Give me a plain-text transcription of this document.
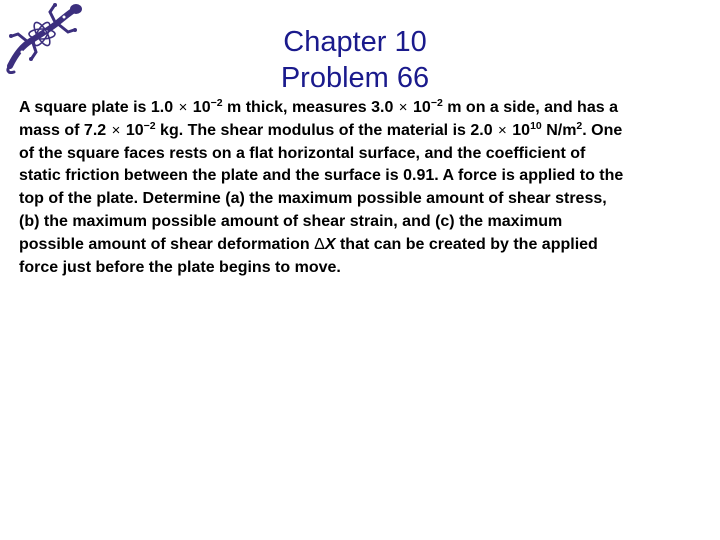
Chapter 10
Problem 66
A square plate is $1.0 \times 10^{-2}$ m thick, measures $3.0 \times 10^{-2}$ m on a side, and has a
mass of $7.2 \times 10^{-2}$ kg. The shear modulus of the material is $2.0 \times 10^{10}$ $N/m^2$. One
of the square faces rests on a flat horizontal surface, and the coefficient of
static friction between the plate and the surface is 0.91. A force is applied to the
top of the plate. Determine (a) the maximum possible amount of shear stress,
(b) the maximum possible amount of shear strain, and (c) the maximum
possible amount of shear deformation ΔX that can be created by the applied
force just before the plate begins to move.
